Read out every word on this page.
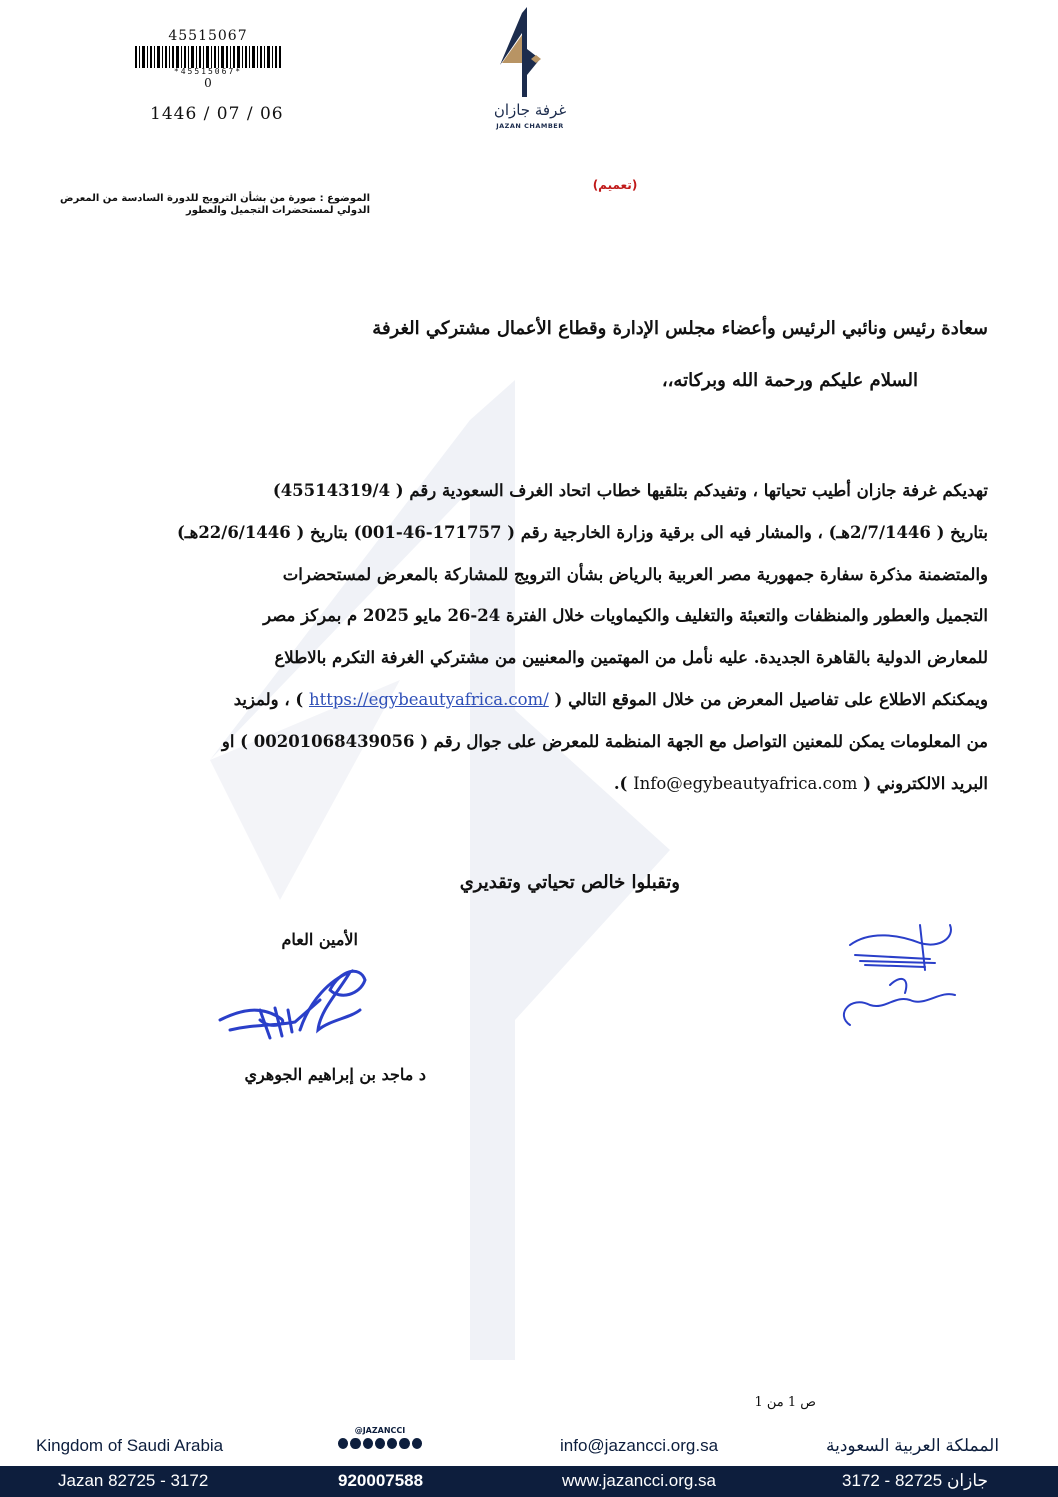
45515067
*45515067*
0
1446 / 07 / 06	غرفة جازان
JAZAN CHAMBER
(تعميم)
الموضوع : صورة من بشأن الترويج للدورة السادسة من المعرض الدولي لمستحضرات التجميل والعطور
سعادة رئيس ونائبي الرئيس وأعضاء مجلس الإدارة وقطاع الأعمال مشتركي الغرفة
السلام عليكم ورحمة الله وبركاته،،
تهديكم غرفة جازان أطيب تحياتها ، وتفيدكم بتلقيها خطاب اتحاد الغرف السعودية رقم ( 45514319/4)
بتاريخ ( 2/7/1446هـ) ، والمشار فيه الى برقية وزارة الخارجية رقم ( 171757-46-001) بتاريخ ( 22/6/1446هـ)
والمتضمنة مذكرة سفارة جمهورية مصر العربية بالرياض بشأن الترويج للمشاركة بالمعرض لمستحضرات
التجميل والعطور والمنظفات والتعبئة والتغليف والكيماويات خلال الفترة 24-26 مايو 2025 م بمركز مصر
للمعارض الدولية بالقاهرة الجديدة. عليه نأمل من المهتمين والمعنيين من مشتركي الغرفة التكرم بالاطلاع
ويمكنكم الاطلاع على تفاصيل المعرض من خلال الموقع التالي ( https://egybeautyafrica.com/ ) ، ولمزيد
من المعلومات يمكن للمعنين التواصل مع الجهة المنظمة للمعرض على جوال رقم ( 00201068439056 ) او
البريد الالكتروني ( Info@egybeautyafrica.com ).
وتقبلوا خالص تحياتي وتقديري
الأمين العام
د ماجد بن إبراهيم الجوهري
ص 1 من 1
Kingdom of Saudi Arabia
@JAZANCCI
info@jazancci.org.sa	المملكة العربية السعودية
Jazan 82725 - 3172	920007588	www.jazancci.org.sa	جازان 82725 - 3172
